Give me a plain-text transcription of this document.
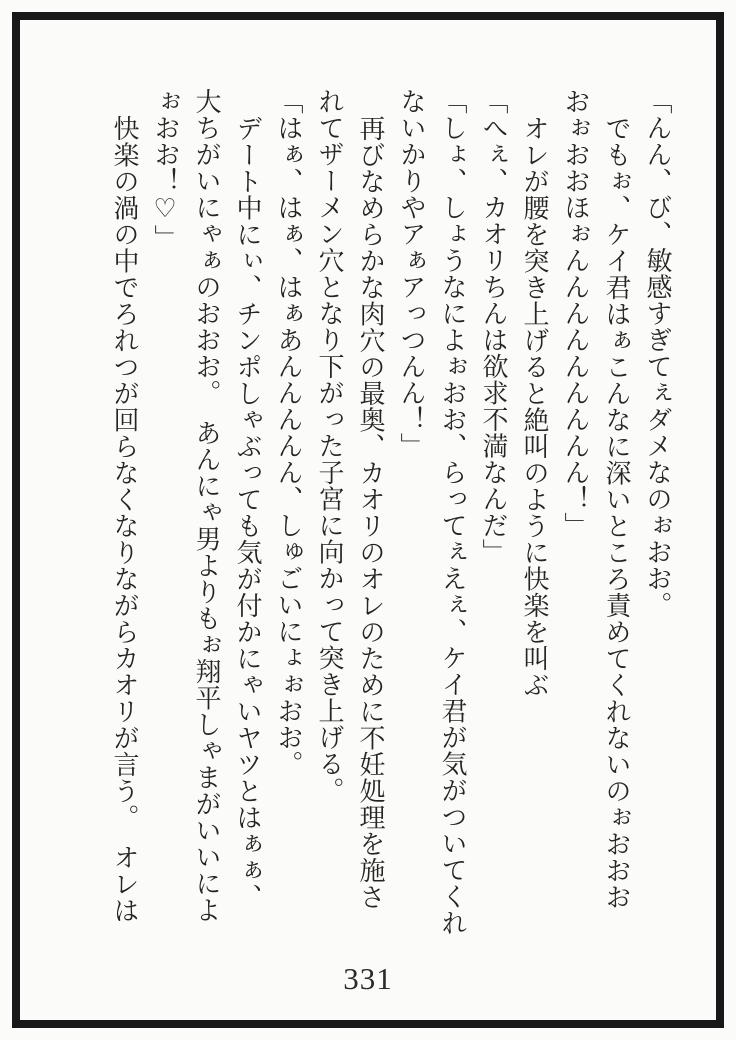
「んん、び、敏感すぎてぇダメなのぉおお。
でもぉ、ケイ君はぁこんなに深いところ責めてくれないのぉおおお
おぉおおほぉんんんんんんんんん！」
オレが腰を突き上げると絶叫のように快楽を叫ぶ
「へぇ、カオリちんは欲求不満なんだ」
「しょ、しょうなによぉおお、らってぇえぇ、ケイ君が気がついてくれ
ないかりやアぁアっつんん！」
再びなめらかな肉穴の最奥、カオリのオレのために不妊処理を施さ
れてザーメン穴となり下がった子宮に向かって突き上げる。
「はぁ、はぁ、はぁあんんんんん、しゅごいにょぉおお。
デート中にぃ、チンポしゃぶっても気が付かにゃいヤツとはぁぁ、
大ちがいにゃぁのおおお。　あんにゃ男よりもぉ翔平しゃまがいいによ
ぉおお！♡」
快楽の渦の中でろれつが回らなくなりながらカオリが言う。　オレは
331
